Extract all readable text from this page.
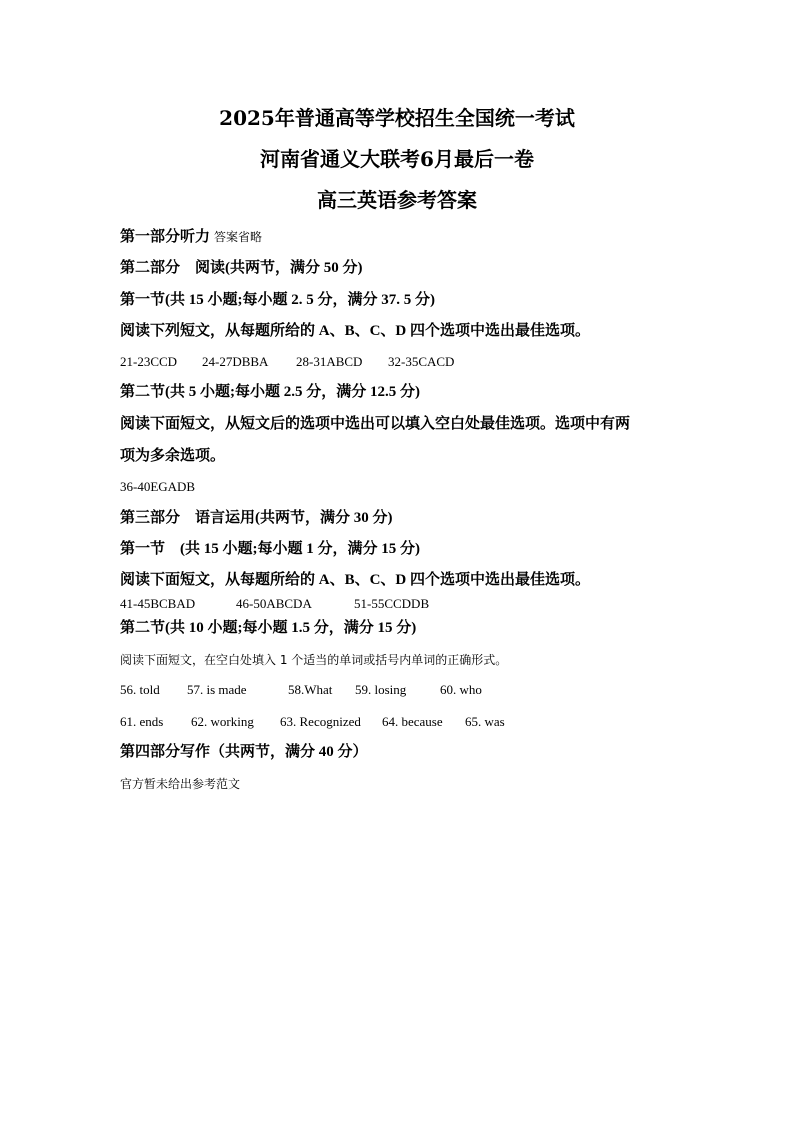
2025年普通高等学校招生全国统一考试
河南省通义大联考6月最后一卷
高三英语参考答案
第一部分听力 答案省略
第二部分　阅读(共两节，满分 50 分)
第一节(共 15 小题;每小题 2. 5 分，满分 37. 5 分)
阅读下列短文，从每题所给的 A、B、C、D 四个选项中选出最佳选项。
21-23CCD 24-27DBBA 28-31ABCD 32-35CACD
第二节(共 5 小题;每小题 2.5 分，满分 12.5 分)
阅读下面短文，从短文后的选项中选出可以填入空白处最佳选项。选项中有两
项为多余选项。
36-40EGADB
第三部分　语言运用(共两节，满分 30 分)
第一节　(共 15 小题;每小题 1 分，满分 15 分)
阅读下面短文，从每题所给的 A、B、C、D 四个选项中选出最佳选项。
41-45BCBAD	46-50ABCDA	51-55CCDDB
第二节(共 10 小题;每小题 1.5 分，满分 15 分)
阅读下面短文，在空白处填入 1 个适当的单词或括号内单词的正确形式。
56. told 57. is made	58.What 59. losing	60. who
61. ends 62. working 63. Recognized 64. because 65. was
第四部分写作（共两节，满分 40 分）
官方暂未给出参考范文
